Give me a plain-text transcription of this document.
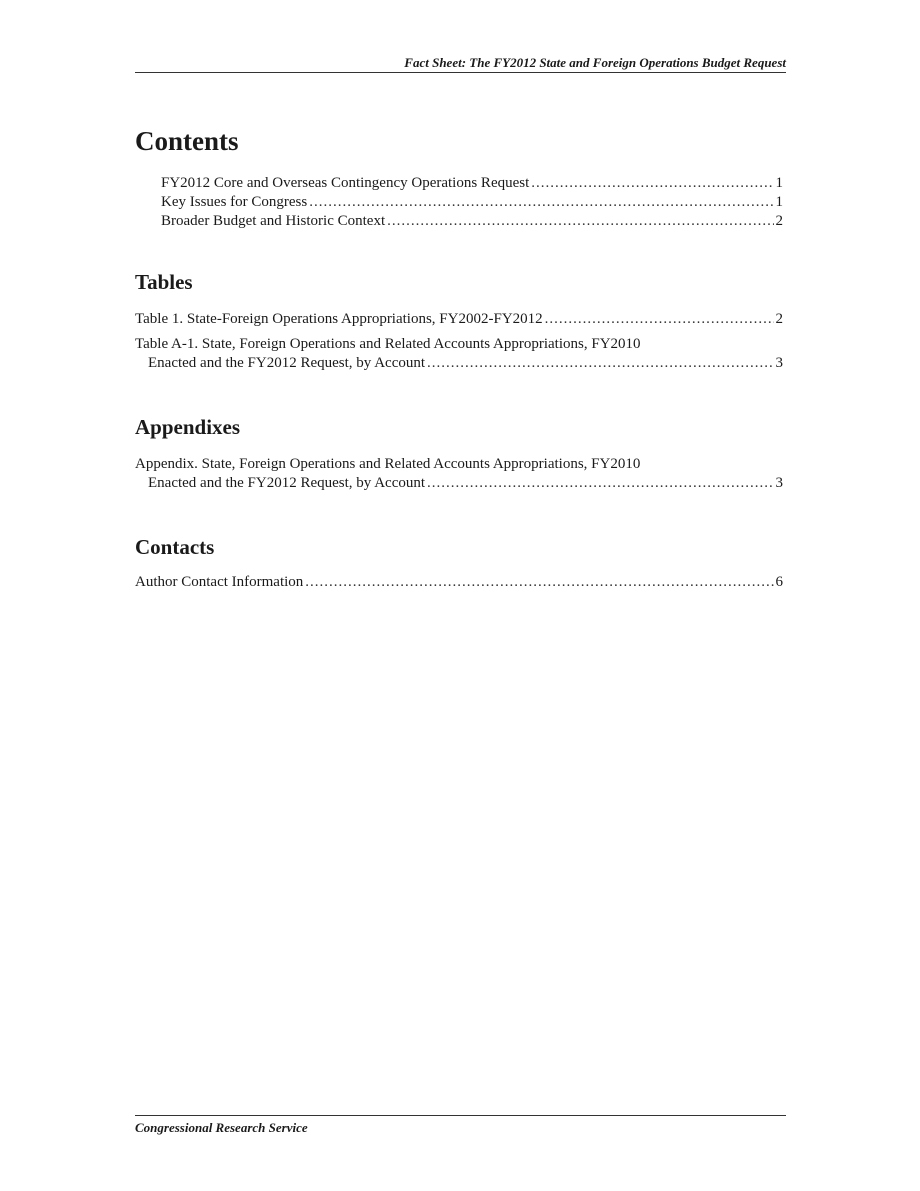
Fact Sheet: The FY2012 State and Foreign Operations Budget Request
Contents
FY2012 Core and Overseas Contingency Operations Request .....	1
Key Issues for Congress .....	1
Broader Budget and Historic Context .....	2
Tables
Table 1. State-Foreign Operations Appropriations, FY2002-FY2012 .....	2
Table A-1. State, Foreign Operations and Related Accounts Appropriations, FY2010
Enacted and the FY2012 Request, by Account .....	3
Appendixes
Appendix. State, Foreign Operations and Related Accounts Appropriations, FY2010
Enacted and the FY2012 Request, by Account .....	3
Contacts
Author Contact Information .....	6
Congressional Research Service
